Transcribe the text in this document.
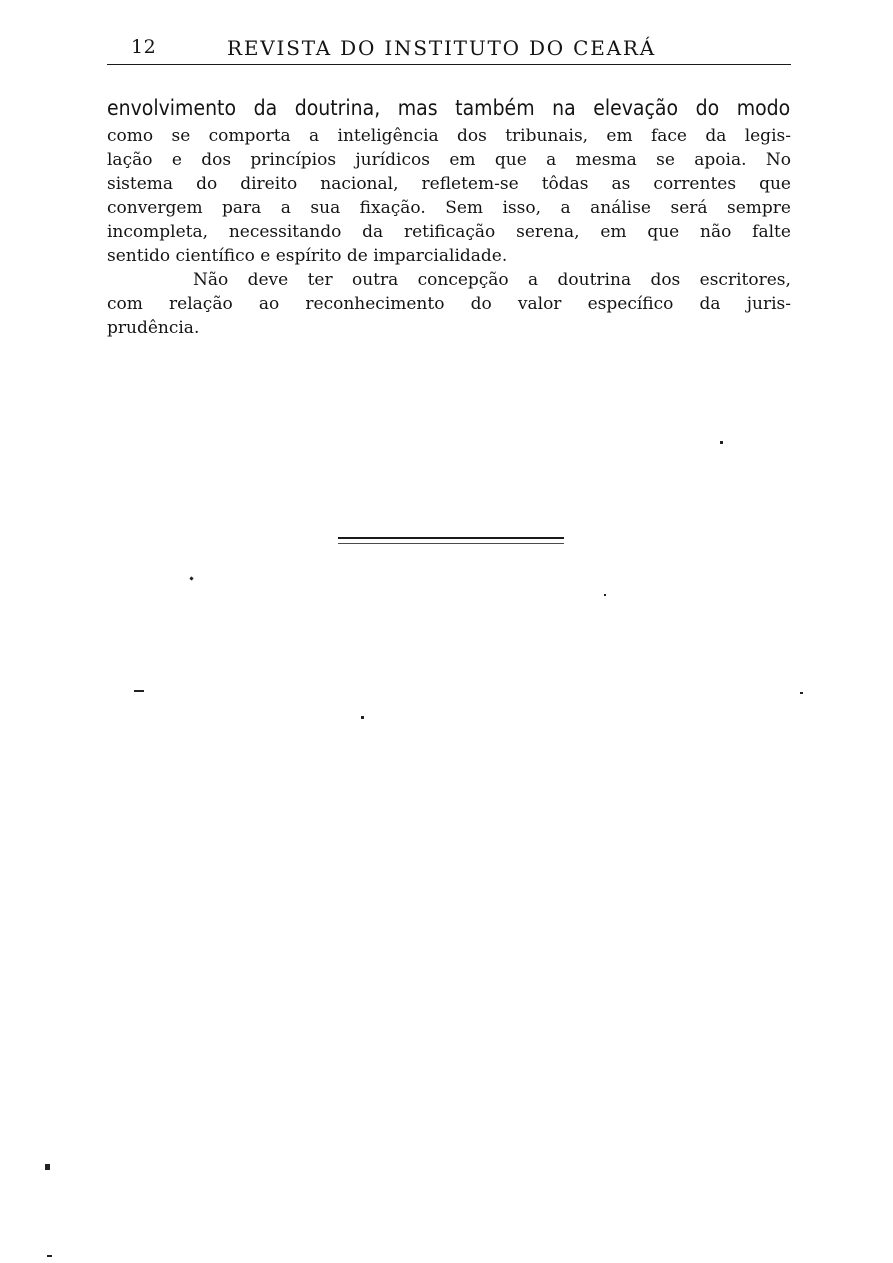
12	REVISTA DO INSTITUTO DO CEARÁ
envolvimento da doutrina, mas também na elevação do modo
como se comporta a inteligência dos tribunais, em face da legis-
lação e dos princípios jurídicos em que a mesma se apoia. No
sistema do direito nacional, refletem-se tôdas as correntes que
convergem para a sua fixação. Sem isso, a análise será sempre
incompleta, necessitando da retificação serena, em que não falte
sentido científico e espírito de imparcialidade.
Não deve ter outra concepção a doutrina dos escritores,
com relação ao reconhecimento do valor específico da juris-
prudência.
